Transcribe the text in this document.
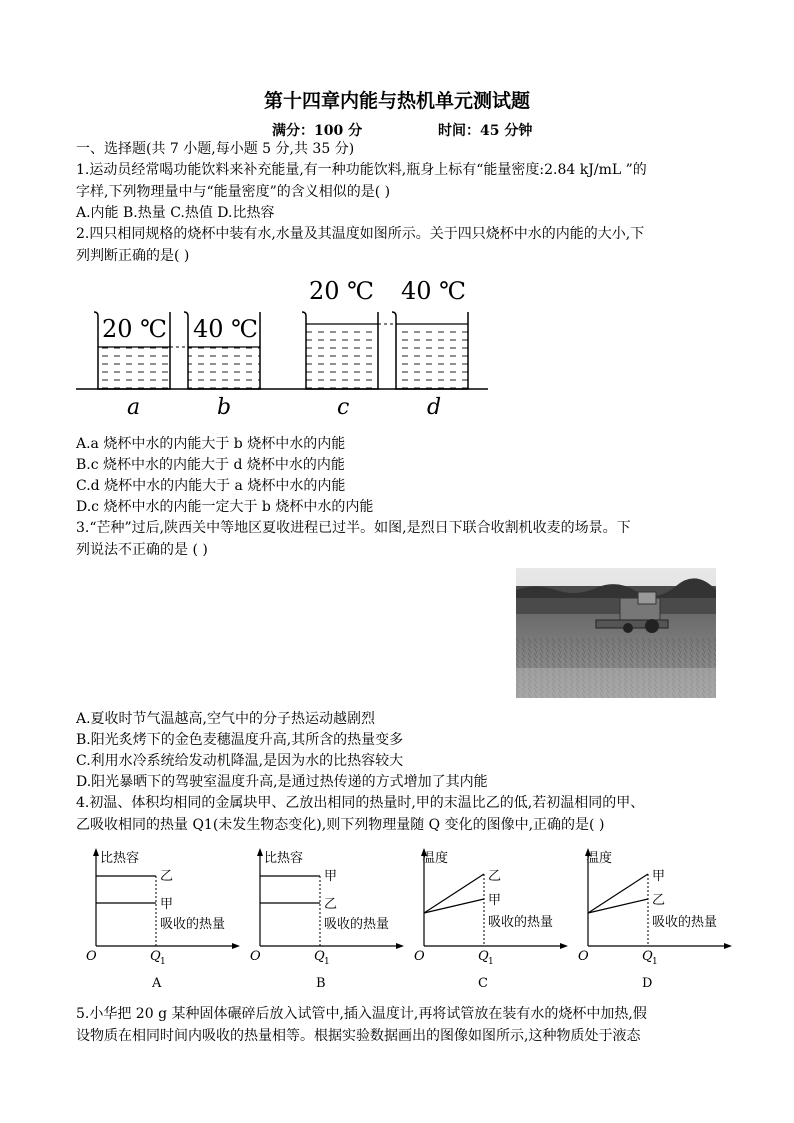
第十四章内能与热机单元测试题
满分：100 分	时间：45 分钟
一、选择题(共 7 小题,每小题 5 分,共 35 分)
1.运动员经常喝功能饮料来补充能量,有一种功能饮料,瓶身上标有“能量密度:2.84 kJ/mL ”的
字样,下列物理量中与“能量密度”的含义相似的是( )
A.内能 B.热量 C.热值 D.比热容
2.四只相同规格的烧杯中装有水,水量及其温度如图所示。关于四只烧杯中水的内能的大小,下
列判断正确的是( )
20 ℃ 40 ℃
20 ℃ 40 ℃
a	b	c	d
A.a 烧杯中水的内能大于 b 烧杯中水的内能
B.c 烧杯中水的内能大于 d 烧杯中水的内能
C.d 烧杯中水的内能大于 a 烧杯中水的内能
D.c 烧杯中水的内能一定大于 b 烧杯中水的内能
3.“芒种”过后,陕西关中等地区夏收进程已过半。如图,是烈日下联合收割机收麦的场景。下
列说法不正确的是 ( )
A.夏收时节气温越高,空气中的分子热运动越剧烈
B.阳光炙烤下的金色麦穗温度升高,其所含的热量变多
C.利用水冷系统给发动机降温,是因为水的比热容较大
D.阳光暴晒下的驾驶室温度升高,是通过热传递的方式增加了其内能
4.初温、体积均相同的金属块甲、乙放出相同的热量时,甲的末温比乙的低,若初温相同的甲、
乙吸收相同的热量 Q1(未发生物态变化),则下列物理量随 Q 变化的图像中,正确的是( )
比热容
乙
甲
吸收的热量
O	Q 1
A
比热容
甲
乙
吸收的热量
O	Q 1
B
温度
乙
甲
吸收的热量
O	Q 1
C
温度
甲
乙
吸收的热量
O	Q 1
D
5.小华把 20 g 某种固体碾碎后放入试管中,插入温度计,再将试管放在装有水的烧杯中加热,假
设物质在相同时间内吸收的热量相等。根据实验数据画出的图像如图所示,这种物质处于液态
